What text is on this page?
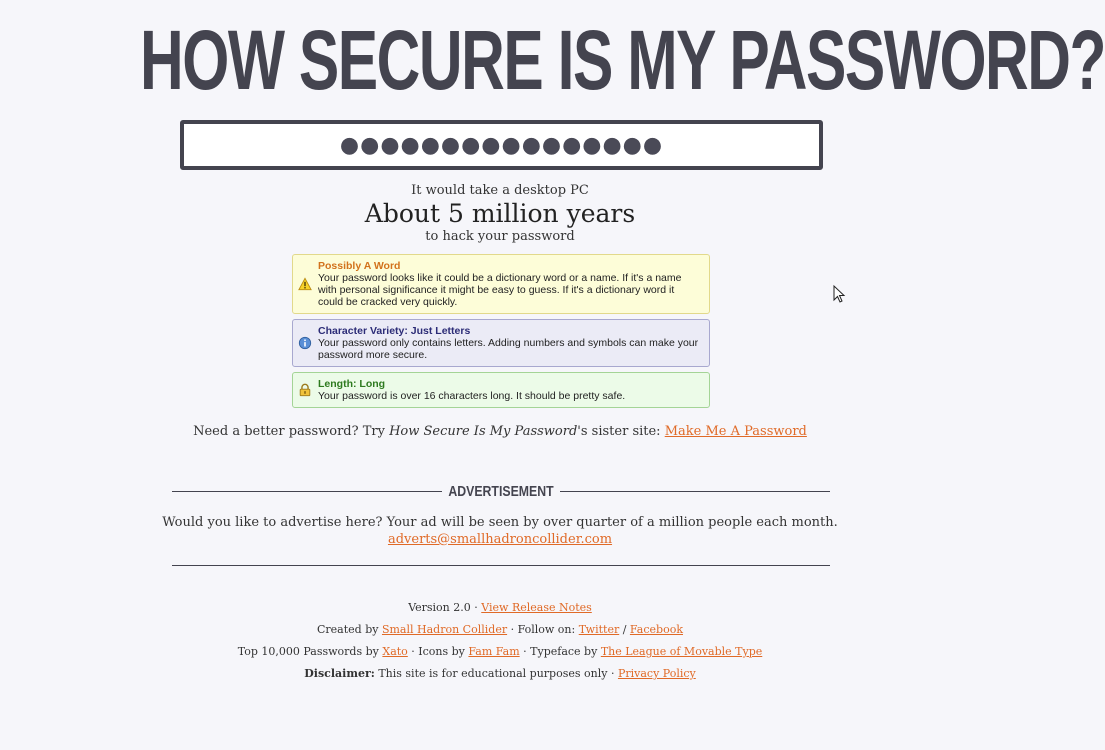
HOW SECURE IS MY PASSWORD?
●●●●●●●●●●●●●●●●
It would take a desktop PC
About 5 million years
to hack your password
Possibly A Word
Your password looks like it could be a dictionary word or a name. If it's a name with personal significance it might be easy to guess. If it's a dictionary word it could be cracked very quickly.
Character Variety: Just Letters
Your password only contains letters. Adding numbers and symbols can make your password more secure.
Length: Long
Your password is over 16 characters long. It should be pretty safe.
Need a better password? Try How Secure Is My Password's sister site: Make Me A Password
ADVERTISEMENT
Would you like to advertise here? Your ad will be seen by over quarter of a million people each month.
adverts@smallhadroncollider.com
Version 2.0 · View Release Notes
Created by Small Hadron Collider · Follow on: Twitter / Facebook
Top 10,000 Passwords by Xato · Icons by Fam Fam · Typeface by The League of Movable Type
Disclaimer: This site is for educational purposes only · Privacy Policy
